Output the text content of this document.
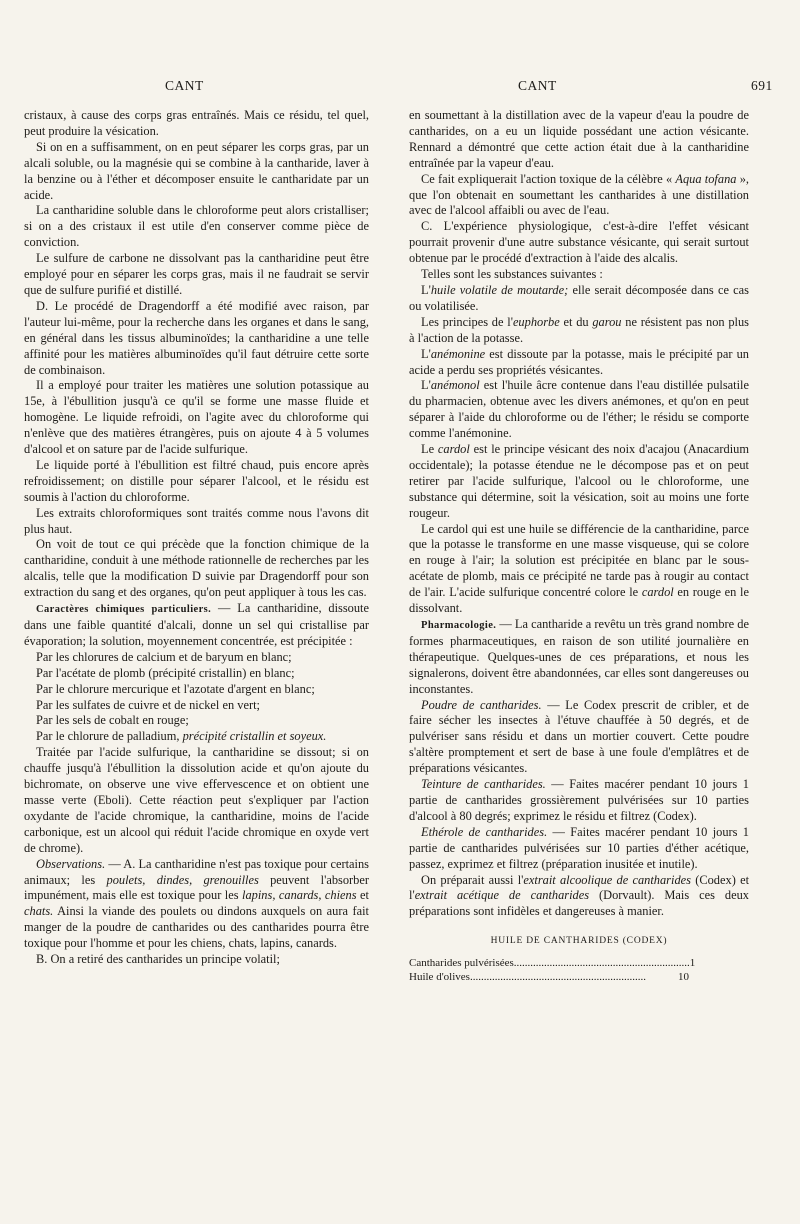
CANT	CANT	691

cristaux, à cause des corps gras entraînés. Mais ce résidu, tel quel, peut produire la vésication.

Si on en a suffisamment, on en peut séparer les corps gras, par un alcali soluble, ou la magnésie qui se combine à la cantharide, laver à la benzine ou à l'éther et décomposer ensuite le cantharidate par un acide.

La cantharidine soluble dans le chloroforme peut alors cristalliser; si on a des cristaux il est utile d'en conserver comme pièce de conviction.

Le sulfure de carbone ne dissolvant pas la cantharidine peut être employé pour en séparer les corps gras, mais il ne faudrait se servir que de sulfure purifié et distillé.

D. Le procédé de Dragendorff a été modifié avec raison, par l'auteur lui-même, pour la recherche dans les organes et dans le sang, en général dans les tissus albuminoïdes; la cantharidine a une telle affinité pour les matières albuminoïdes qu'il faut détruire cette sorte de combinaison.

Il a employé pour traiter les matières une solution potassique au 15e, à l'ébullition jusqu'à ce qu'il se forme une masse fluide et homogène. Le liquide refroidi, on l'agite avec du chloroforme qui n'enlève que des matières étrangères, puis on ajoute 4 à 5 volumes d'alcool et on sature par de l'acide sulfurique.

Le liquide porté à l'ébullition est filtré chaud, puis encore après refroidissement; on distille pour séparer l'alcool, et le résidu est soumis à l'action du chloroforme.

Les extraits chloroformiques sont traités comme nous l'avons dit plus haut.

On voit de tout ce qui précède que la fonction chimique de la cantharidine, conduit à une méthode rationnelle de recherches par les alcalis, telle que la modification D suivie par Dragendorff pour son extraction du sang et des organes, qu'on peut appliquer à tous les cas.

Caractères chimiques particuliers. — La cantharidine, dissoute dans une faible quantité d'alcali, donne un sel qui cristallise par évaporation; la solution, moyennement concentrée, est précipitée :

Par les chlorures de calcium et de baryum en blanc;

Par l'acétate de plomb (précipité cristallin) en blanc;

Par le chlorure mercurique et l'azotate d'argent en blanc;

Par les sulfates de cuivre et de nickel en vert;

Par les sels de cobalt en rouge;

Par le chlorure de palladium, précipité cristallin et soyeux.

Traitée par l'acide sulfurique, la cantharidine se dissout; si on chauffe jusqu'à l'ébullition la dissolution acide et qu'on ajoute du bichromate, on observe une vive effervescence et on obtient une masse verte (Eboli). Cette réaction peut s'expliquer par l'action oxydante de l'acide chromique, la cantharidine, moins de l'acide carbonique, est un alcool qui réduit l'acide chromique en oxyde vert de chrome).

Observations. — A. La cantharidine n'est pas toxique pour certains animaux; les poulets, dindes, grenouilles peuvent l'absorber impunément, mais elle est toxique pour les lapins, canards, chiens et chats. Ainsi la viande des poulets ou dindons auxquels on aura fait manger de la poudre de cantharides ou des cantharides pourra être toxique pour l'homme et pour les chiens, chats, lapins, canards.

B. On a retiré des cantharides un principe volatil;

en soumettant à la distillation avec de la vapeur d'eau la poudre de cantharides, on a eu un liquide possédant une action vésicante. Rennard a démontré que cette action était due à la cantharidine entraînée par la vapeur d'eau.

Ce fait expliquerait l'action toxique de la célèbre « Aqua tofana », que l'on obtenait en soumettant les cantharides à une distillation avec de l'alcool affaibli ou avec de l'eau.

C. L'expérience physiologique, c'est-à-dire l'effet vésicant pourrait provenir d'une autre substance vésicante, qui serait surtout obtenue par le procédé d'extraction à l'aide des alcalis.

Telles sont les substances suivantes :

L'huile volatile de moutarde; elle serait décomposée dans ce cas ou volatilisée.

Les principes de l'euphorbe et du garou ne résistent pas non plus à l'action de la potasse.

L'anémonine est dissoute par la potasse, mais le précipité par un acide a perdu ses propriétés vésicantes.

L'anémonol est l'huile âcre contenue dans l'eau distillée pulsatile du pharmacien, obtenue avec les divers anémones, et qu'on en peut séparer à l'aide du chloroforme ou de l'éther; le résidu se comporte comme l'anémonine.

Le cardol est le principe vésicant des noix d'acajou (Anacardium occidentale); la potasse étendue ne le décompose pas et on peut retirer par l'acide sulfurique, l'alcool ou le chloroforme, une substance qui détermine, soit la vésication, soit au moins une forte rougeur.

Le cardol qui est une huile se différencie de la cantharidine, parce que la potasse le transforme en une masse visqueuse, qui se colore en rouge à l'air; la solution est précipitée en blanc par le sous-acétate de plomb, mais ce précipité ne tarde pas à rougir au contact de l'air. L'acide sulfurique concentré colore le cardol en rouge en le dissolvant.

Pharmacologie. — La cantharide a revêtu un très grand nombre de formes pharmaceutiques, en raison de son utilité journalière en thérapeutique. Quelques-unes de ces préparations, et nous les signalerons, doivent être abandonnées, car elles sont dangereuses ou inconstantes.

Poudre de cantharides. — Le Codex prescrit de cribler, et de faire sécher les insectes à l'étuve chauffée à 50 degrés, et de pulvériser sans résidu et dans un mortier couvert. Cette poudre s'altère promptement et sert de base à une foule d'emplâtres et de préparations vésicantes.

Teinture de cantharides. — Faites macérer pendant 10 jours 1 partie de cantharides grossièrement pulvérisées sur 10 parties d'alcool à 80 degrés; exprimez le résidu et filtrez (Codex).

Ethérole de cantharides. — Faites macérer pendant 10 jours 1 partie de cantharides pulvérisées sur 10 parties d'éther acétique, passez, exprimez et filtrez (préparation inusitée et inutile).

On préparait aussi l'extrait alcoolique de cantharides (Codex) et l'extrait acétique de cantharides (Dorvault). Mais ces deux préparations sont infidèles et dangereuses à manier.

HUILE DE CANTHARIDES (CODEX)
Cantharides pulvérisées ................................................................ 1
Huile d'olives ................................................................	10
